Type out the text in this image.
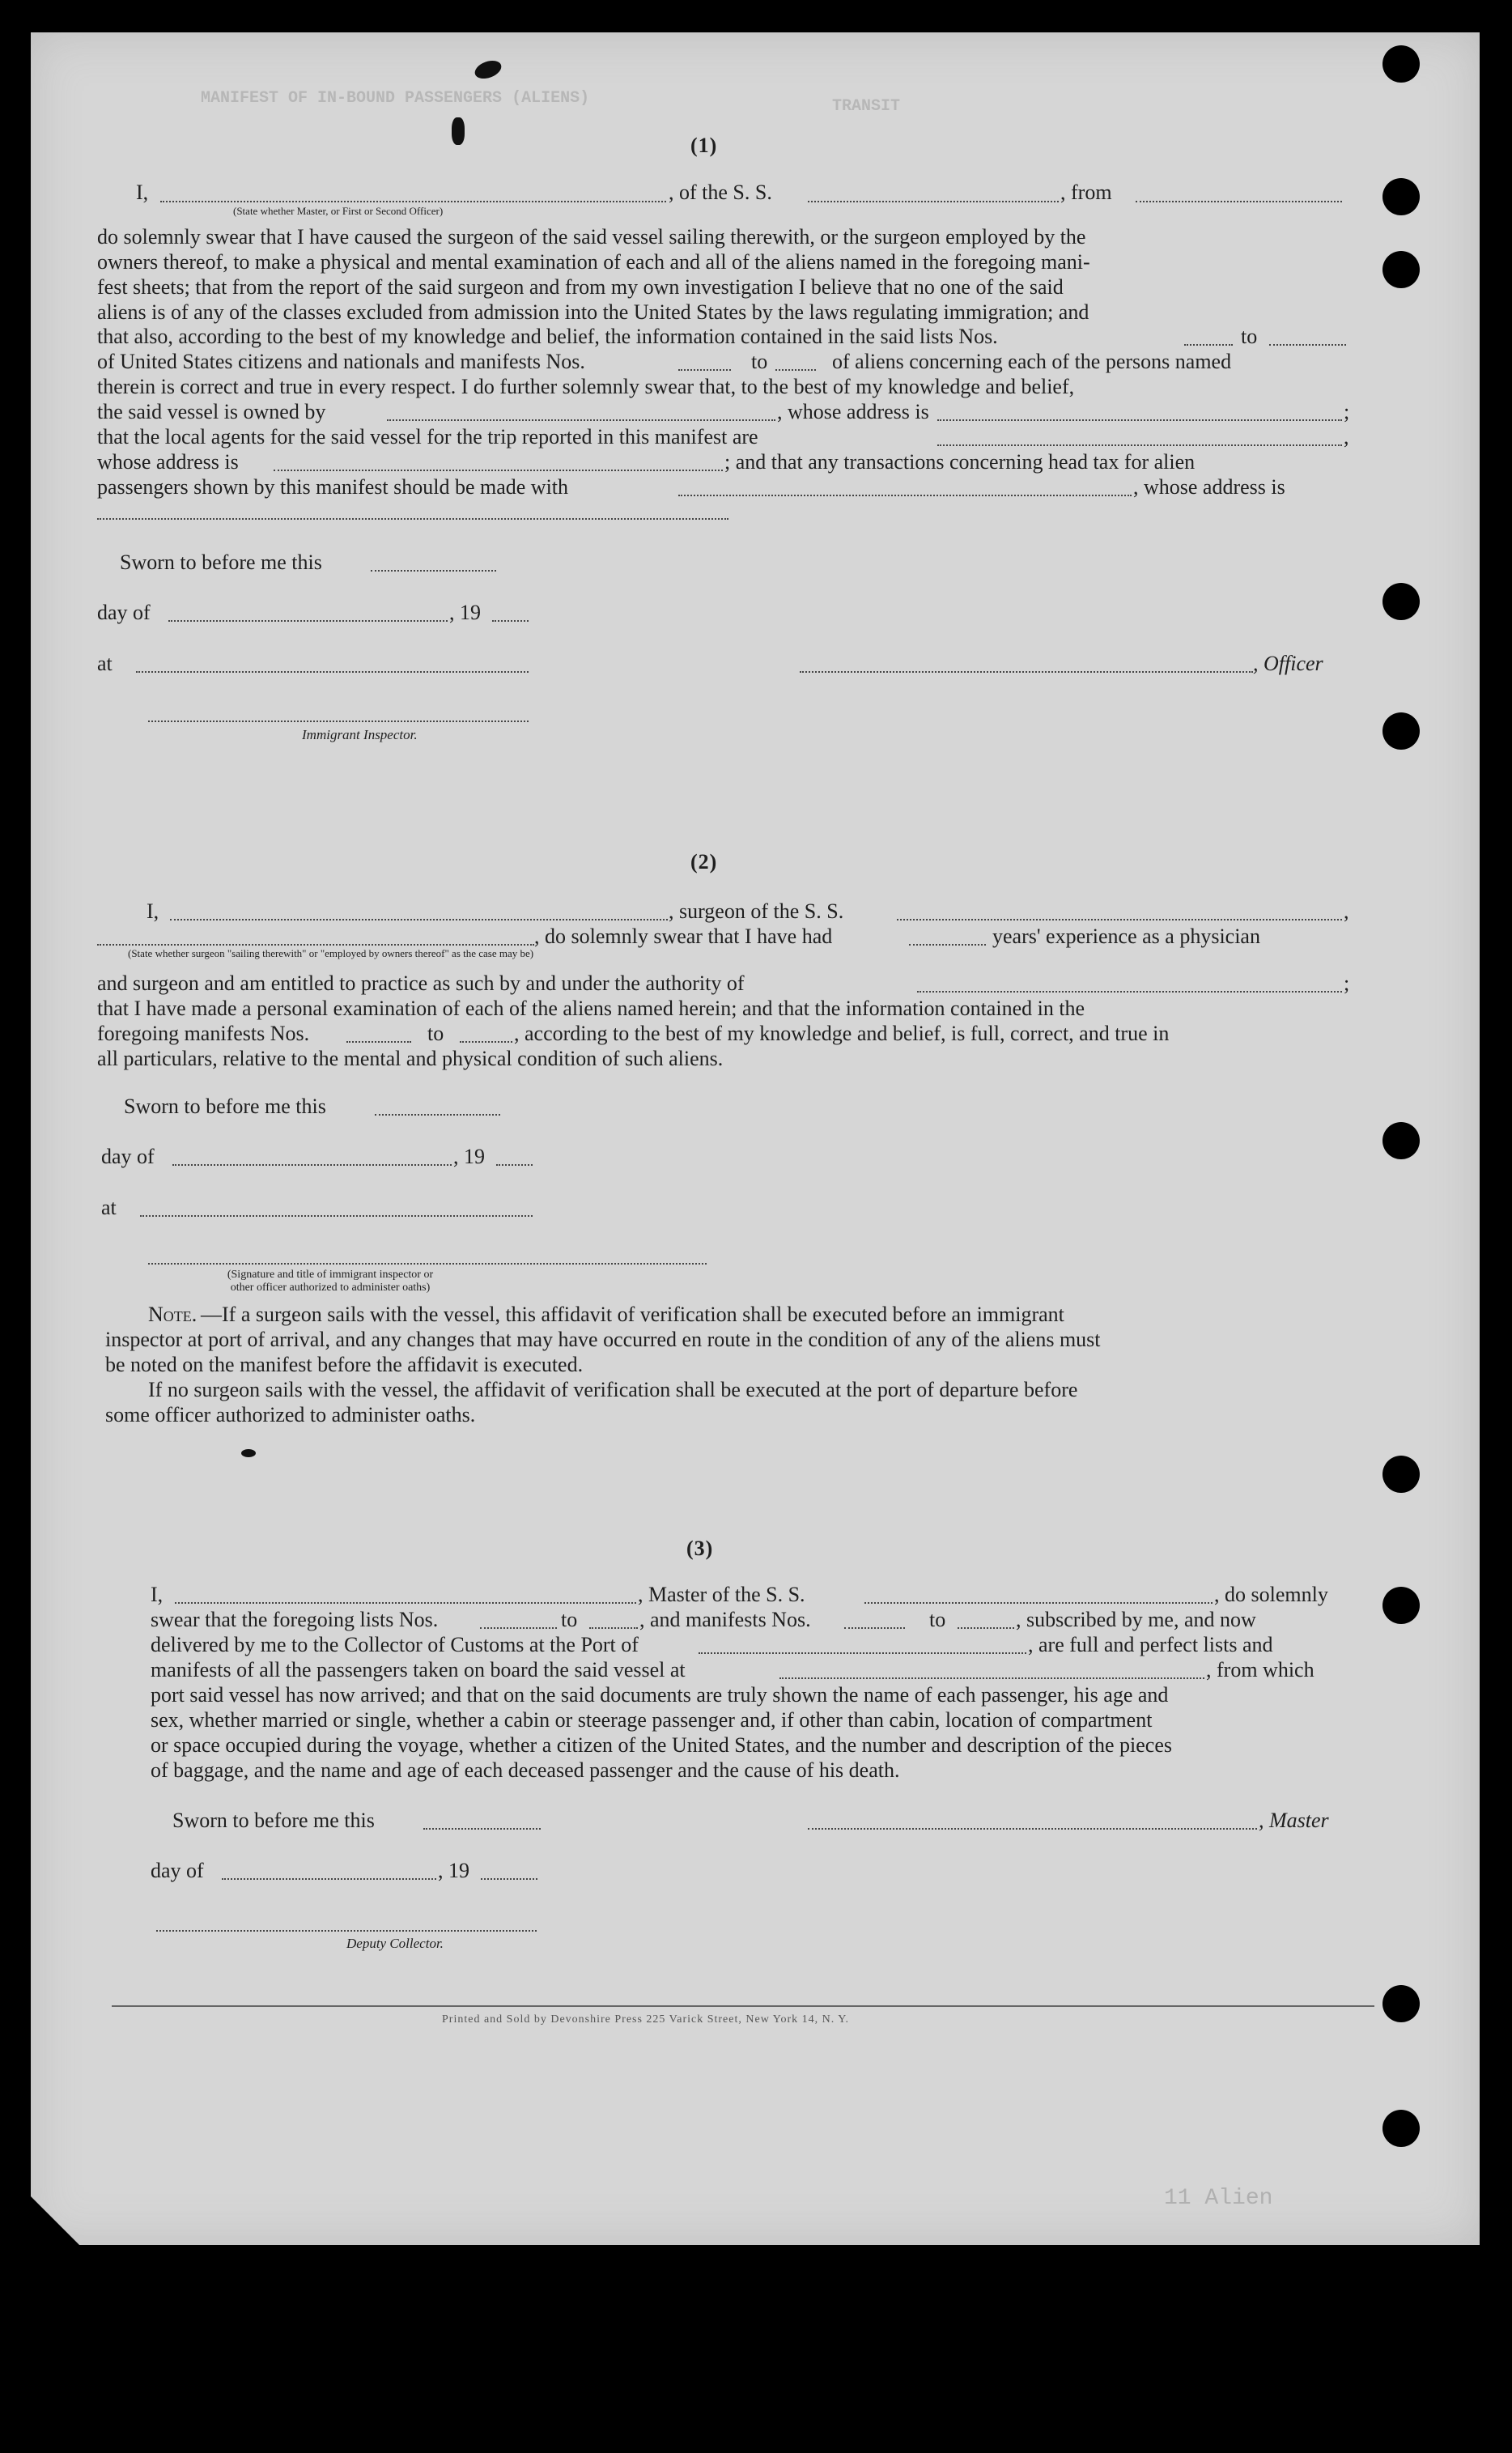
MANIFEST OF IN-BOUND PASSENGERS (ALIENS)	TRANSIT
11 Alien
(1)
I,	, of the S. S.	, from
(State whether Master, or First or Second Officer)
do solemnly swear that I have caused the surgeon of the said vessel sailing therewith, or the surgeon employed by the
owners thereof, to make a physical and mental examination of each and all of the aliens named in the foregoing mani-
fest sheets; that from the report of the said surgeon and from my own investigation I believe that no one of the said
aliens is of any of the classes excluded from admission into the United States by the laws regulating immigration; and
that also, according to the best of my knowledge and belief, the information contained in the said lists Nos.	to
of United States citizens and nationals and manifests Nos.	to	of aliens concerning each of the persons named
therein is correct and true in every respect. I do further solemnly swear that, to the best of my knowledge and belief,
the said vessel is owned by	, whose address is	;
that the local agents for the said vessel for the trip reported in this manifest are	,
whose address is	; and that any transactions concerning head tax for alien
passengers shown by this manifest should be made with	, whose address is
Sworn to before me this
day of	, 19
at	, Officer
Immigrant Inspector.
(2)
I,	, surgeon of the S. S.	,
, do solemnly swear that I have had	years' experience as a physician
(State whether surgeon "sailing therewith" or "employed by owners thereof" as the case may be)
and surgeon and am entitled to practice as such by and under the authority of	;
that I have made a personal examination of each of the aliens named herein; and that the information contained in the
foregoing manifests Nos.	to	, according to the best of my knowledge and belief, is full, correct, and true in
all particulars, relative to the mental and physical condition of such aliens.
Sworn to before me this
day of	, 19
at
(Signature and title of immigrant inspector or
other officer authorized to administer oaths)
Note. —If a surgeon sails with the vessel, this affidavit of verification shall be executed before an immigrant
inspector at port of arrival, and any changes that may have occurred en route in the condition of any of the aliens must
be noted on the manifest before the affidavit is executed.
If no surgeon sails with the vessel, the affidavit of verification shall be executed at the port of departure before
some officer authorized to administer oaths.
(3)
I,	, Master of the S. S.	, do solemnly
swear that the foregoing lists Nos.	to	, and manifests Nos.	to	, subscribed by me, and now
delivered by me to the Collector of Customs at the Port of	, are full and perfect lists and
manifests of all the passengers taken on board the said vessel at	, from which
port said vessel has now arrived; and that on the said documents are truly shown the name of each passenger, his age and
sex, whether married or single, whether a cabin or steerage passenger and, if other than cabin, location of compartment
or space occupied during the voyage, whether a citizen of the United States, and the number and description of the pieces
of baggage, and the name and age of each deceased passenger and the cause of his death.
Sworn to before me this	, Master
day of	, 19
Deputy Collector.
Printed and Sold by Devonshire Press 225 Varick Street, New York 14, N. Y.
